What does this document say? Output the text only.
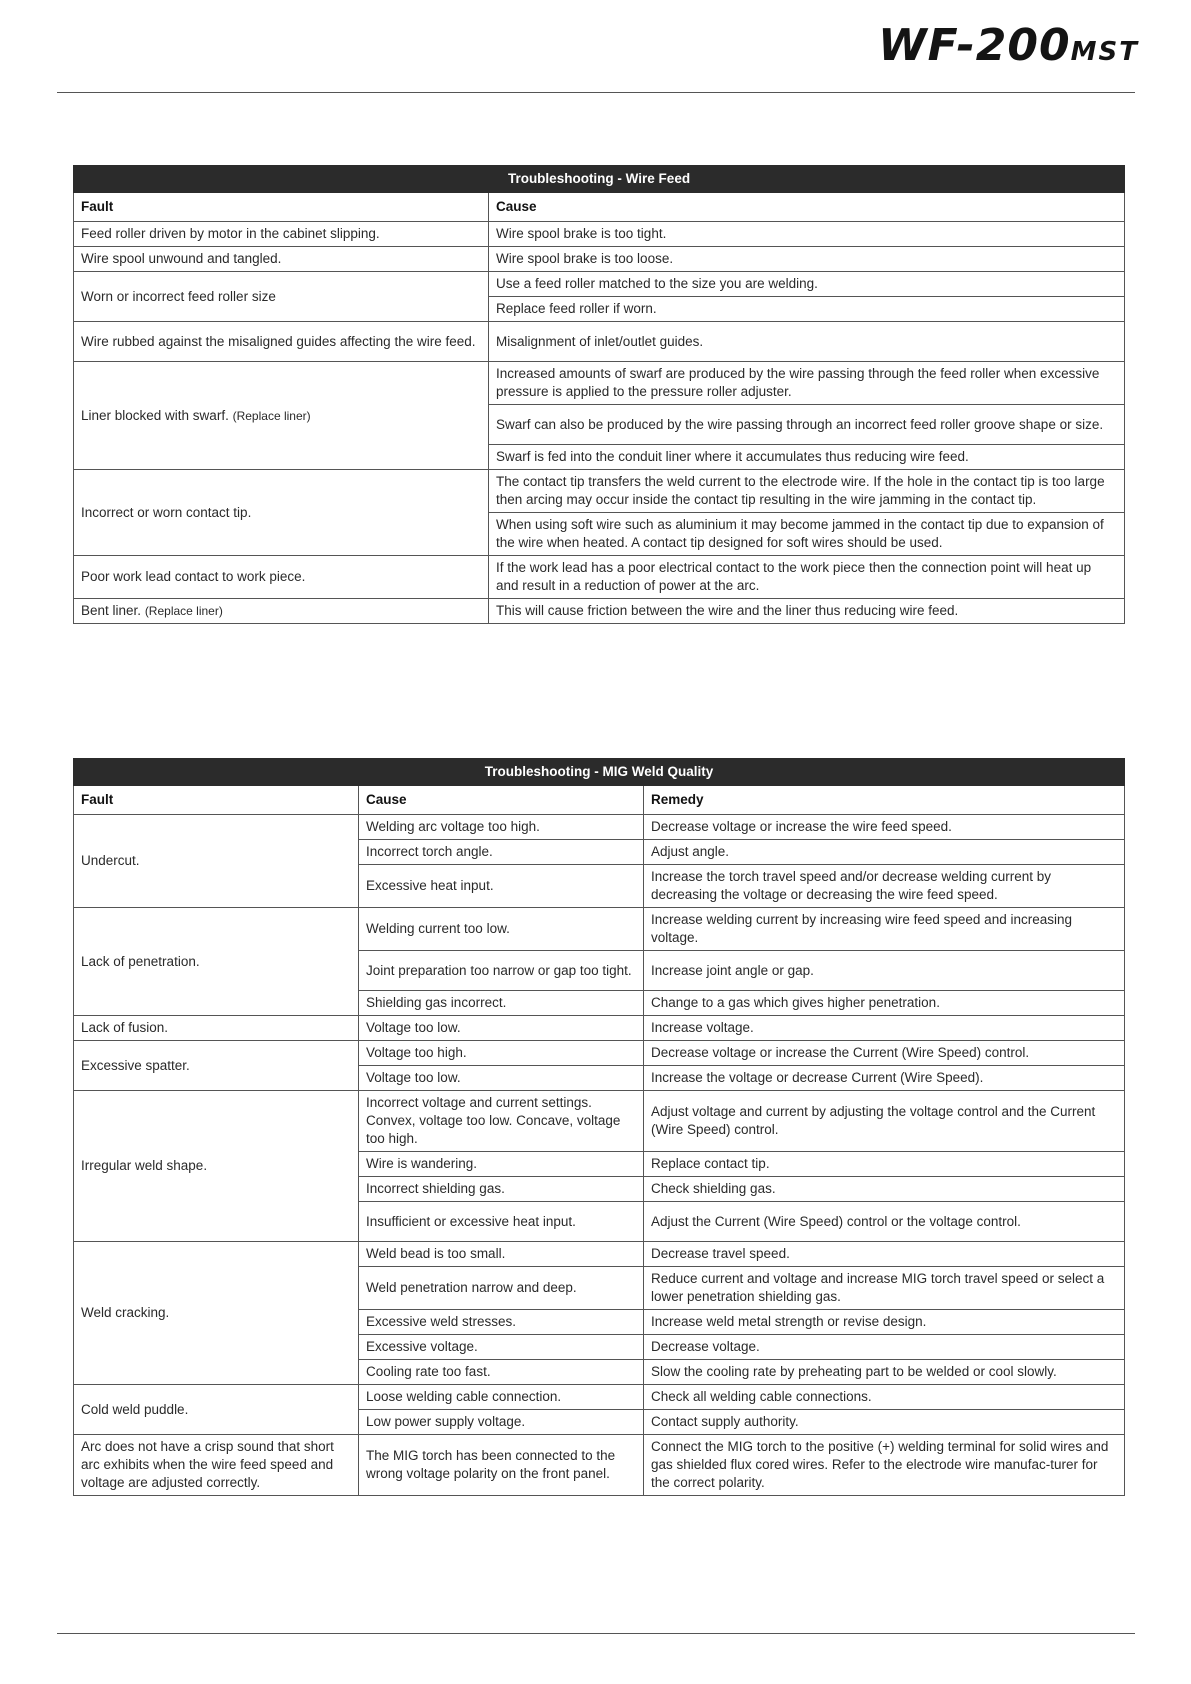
WF-200MST
Troubleshooting - Wire Feed	
Fault	Cause
Feed roller driven by motor in the cabinet slipping.	Wire spool brake is too tight.
Wire spool unwound and tangled.	Wire spool brake is too loose.
Worn or incorrect feed roller size	Use a feed roller matched to the size you are welding.
	Replace feed roller if worn.
Wire rubbed against the misaligned guides affecting the wire feed.	Misalignment of inlet/outlet guides.
Liner blocked with swarf. (Replace liner)	Increased amounts of swarf are produced by the wire passing through the feed roller when excessive pressure is applied to the pressure roller adjuster.
	Swarf can also be produced by the wire passing through an incorrect feed roller groove shape or size.
	Swarf is fed into the conduit liner where it accumulates thus reducing wire feed.
Incorrect or worn contact tip.	The contact tip transfers the weld current to the electrode wire. If the hole in the contact tip is too large then arcing may occur inside the contact tip resulting in the wire jamming in the contact tip.
	When using soft wire such as aluminium it may become jammed in the contact tip due to expansion of the wire when heated. A contact tip designed for soft wires should be used.
Poor work lead contact to work piece.	If the work lead has a poor electrical contact to the work piece then the connection point will heat up and result in a reduction of power at the arc.
Bent liner. (Replace liner)	This will cause friction between the wire and the liner thus reducing wire feed.
Troubleshooting - MIG Weld Quality		
Fault	Cause	Remedy
Undercut.	Welding arc voltage too high.	Decrease voltage or increase the wire feed speed.
	Incorrect torch angle.	Adjust angle.
	Excessive heat input.	Increase the torch travel speed and/or decrease welding current by decreasing the voltage or decreasing the wire feed speed.
Lack of penetration.	Welding current too low.	Increase welding current by increasing wire feed speed and increasing voltage.
	Joint preparation too narrow or gap too tight.	Increase joint angle or gap.
	Shielding gas incorrect.	Change to a gas which gives higher penetration.
Lack of fusion.	Voltage too low.	Increase voltage.
Excessive spatter.	Voltage too high.	Decrease voltage or increase the Current (Wire Speed) control.
	Voltage too low.	Increase the voltage or decrease Current (Wire Speed).
Irregular weld shape.	Incorrect voltage and current settings. Convex, voltage too low. Concave, voltage too high.	Adjust voltage and current by adjusting the voltage control and the Current (Wire Speed) control.
	Wire is wandering.	Replace contact tip.
	Incorrect shielding gas.	Check shielding gas.
	Insufficient or excessive heat input.	Adjust the Current (Wire Speed) control or the voltage control.
Weld cracking.	Weld bead is too small.	Decrease travel speed.
	Weld penetration narrow and deep.	Reduce current and voltage and increase MIG torch travel speed or select a lower penetration shielding gas.
	Excessive weld stresses.	Increase weld metal strength or revise design.
	Excessive voltage.	Decrease voltage.
	Cooling rate too fast.	Slow the cooling rate by preheating part to be welded or cool slowly.
Cold weld puddle.	Loose welding cable connection.	Check all welding cable connections.
	Low power supply voltage.	Contact supply authority.
Arc does not have a crisp sound that short arc exhibits when the wire feed speed and voltage are adjusted correctly.	The MIG torch has been connected to the wrong voltage polarity on the front panel.	Connect the MIG torch to the positive (+) welding terminal for solid wires and gas shielded flux cored wires. Refer to the electrode wire manufac-turer for the correct polarity.
